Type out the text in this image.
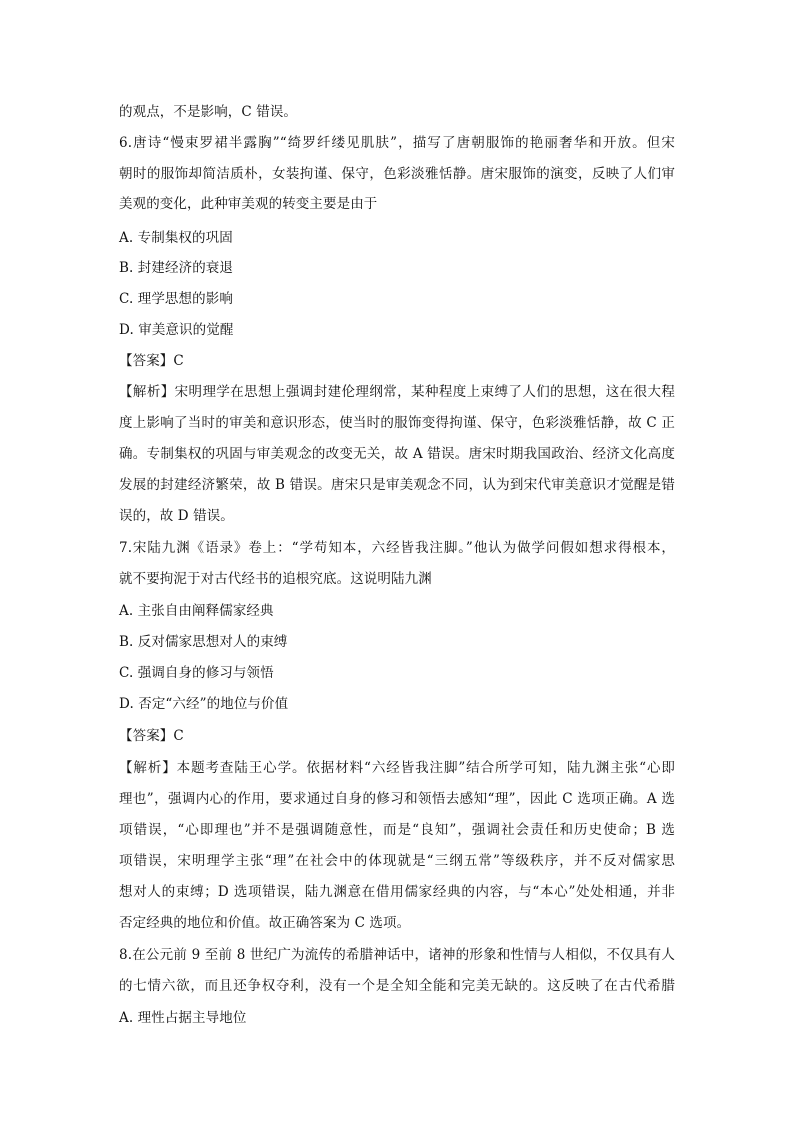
的观点，不是影响，C 错误。
6.唐诗“慢束罗裙半露胸”“绮罗纤缕见肌肤”，描写了唐朝服饰的艳丽奢华和开放。但宋
朝时的服饰却简洁质朴，女装拘谨、保守，色彩淡雅恬静。唐宋服饰的演变，反映了人们审
美观的变化，此种审美观的转变主要是由于
A. 专制集权的巩固
B. 封建经济的衰退
C. 理学思想的影响
D. 审美意识的觉醒
【答案】C
【解析】宋明理学在思想上强调封建伦理纲常，某种程度上束缚了人们的思想，这在很大程
度上影响了当时的审美和意识形态，使当时的服饰变得拘谨、保守，色彩淡雅恬静，故 C 正
确。专制集权的巩固与审美观念的改变无关，故 A 错误。唐宋时期我国政治、经济文化高度
发展的封建经济繁荣，故 B 错误。唐宋只是审美观念不同，认为到宋代审美意识才觉醒是错
误的，故 D 错误。
7.宋陆九渊《语录》卷上：“学苟知本，六经皆我注脚。”他认为做学问假如想求得根本，
就不要拘泥于对古代经书的追根究底。这说明陆九渊
A. 主张自由阐释儒家经典
B. 反对儒家思想对人的束缚
C. 强调自身的修习与领悟
D. 否定“六经”的地位与价值
【答案】C
【解析】本题考查陆王心学。依据材料“六经皆我注脚”结合所学可知，陆九渊主张“心即
理也”，强调内心的作用，要求通过自身的修习和领悟去感知“理”，因此 C 选项正确。A 选
项错误，“心即理也”并不是强调随意性，而是“良知”，强调社会责任和历史使命；B 选
项错误，宋明理学主张“理”在社会中的体现就是“三纲五常”等级秩序，并不反对儒家思
想对人的束缚；D 选项错误，陆九渊意在借用儒家经典的内容，与“本心”处处相通，并非
否定经典的地位和价值。故正确答案为 C 选项。
8.在公元前 9 至前 8 世纪广为流传的希腊神话中，诸神的形象和性情与人相似，不仅具有人
的七情六欲，而且还争权夺利，没有一个是全知全能和完美无缺的。这反映了在古代希腊
A. 理性占据主导地位
